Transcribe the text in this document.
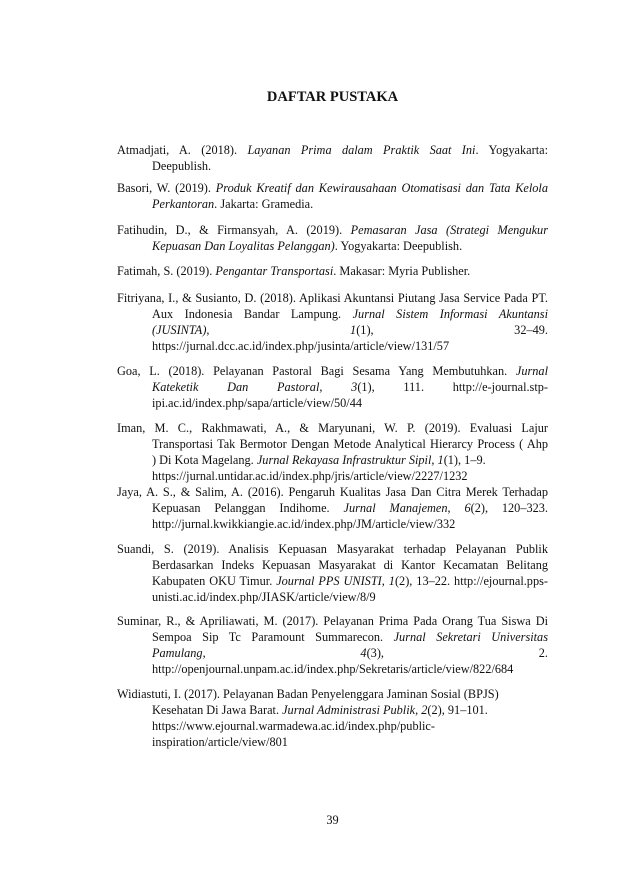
DAFTAR PUSTAKA
Atmadjati, A. (2018). Layanan Prima dalam Praktik Saat Ini. Yogyakarta:
Deepublish.
Basori, W. (2019). Produk Kreatif dan Kewirausahaan Otomatisasi dan Tata Kelola
Perkantoran. Jakarta: Gramedia.
Fatihudin, D., & Firmansyah, A. (2019). Pemasaran Jasa (Strategi Mengukur
Kepuasan Dan Loyalitas Pelanggan). Yogyakarta: Deepublish.
Fatimah, S. (2019). Pengantar Transportasi. Makasar: Myria Publisher.
Fitriyana, I., & Susianto, D. (2018). Aplikasi Akuntansi Piutang Jasa Service Pada PT.
Aux Indonesia Bandar Lampung. Jurnal Sistem Informasi Akuntansi
(JUSINTA), 1(1), 32–49.
https://jurnal.dcc.ac.id/index.php/jusinta/article/view/131/57
Goa, L. (2018). Pelayanan Pastoral Bagi Sesama Yang Membutuhkan. Jurnal
Kateketik Dan Pastoral, 3(1), 111. http://e-journal.stp-
ipi.ac.id/index.php/sapa/article/view/50/44
Iman, M. C., Rakhmawati, A., & Maryunani, W. P. (2019). Evaluasi Lajur
Transportasi Tak Bermotor Dengan Metode Analytical Hierarcy Process ( Ahp
) Di Kota Magelang. Jurnal Rekayasa Infrastruktur Sipil, 1(1), 1–9.
https://jurnal.untidar.ac.id/index.php/jris/article/view/2227/1232
Jaya, A. S., & Salim, A. (2016). Pengaruh Kualitas Jasa Dan Citra Merek Terhadap
Kepuasan Pelanggan Indihome. Jurnal Manajemen, 6(2), 120–323.
http://jurnal.kwikkiangie.ac.id/index.php/JM/article/view/332
Suandi, S. (2019). Analisis Kepuasan Masyarakat terhadap Pelayanan Publik
Berdasarkan Indeks Kepuasan Masyarakat di Kantor Kecamatan Belitang
Kabupaten OKU Timur. Journal PPS UNISTI, 1(2), 13–22. http://ejournal.pps-
unisti.ac.id/index.php/JIASK/article/view/8/9
Suminar, R., & Apriliawati, M. (2017). Pelayanan Prima Pada Orang Tua Siswa Di
Sempoa Sip Tc Paramount Summarecon. Jurnal Sekretari Universitas
Pamulang, 4(3), 2.
http://openjournal.unpam.ac.id/index.php/Sekretaris/article/view/822/684
Widiastuti, I. (2017). Pelayanan Badan Penyelenggara Jaminan Sosial (BPJS)
Kesehatan Di Jawa Barat. Jurnal Administrasi Publik, 2(2), 91–101.
https://www.ejournal.warmadewa.ac.id/index.php/public-
inspiration/article/view/801
39
